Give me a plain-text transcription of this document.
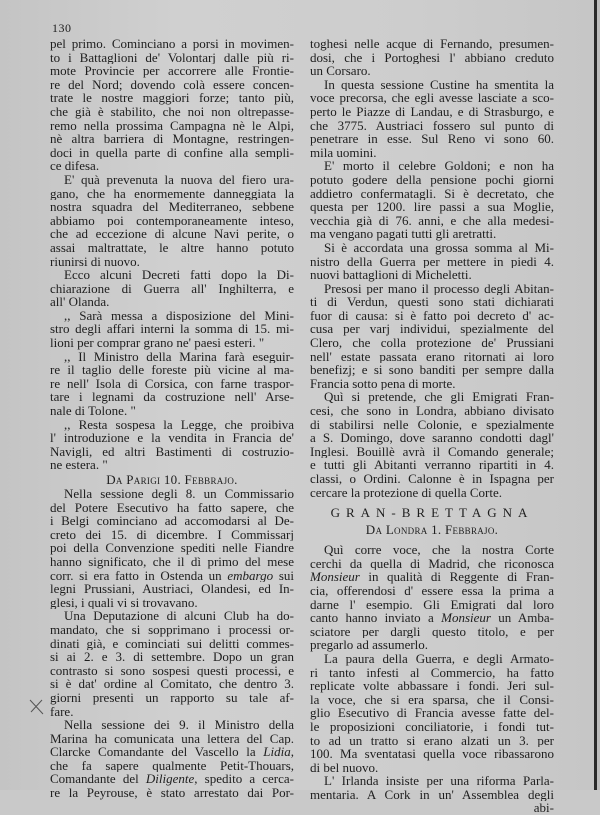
130
pel primo. Cominciano a porsi in movimen-
to i Battaglioni de' Volontarj dalle più ri-
mote Provincie per accorrere alle Frontie-
re del Nord; dovendo colà essere concen-
trate le nostre maggiori forze; tanto più,
che già è stabilito, che noi non oltrepasse-
remo nella prossima Campagna nè le Alpi,
nè altra barriera di Montagne, restringen-
doci in quella parte di confine alla sempli-
ce difesa.
E' quà prevenuta la nuova del fiero ura-
gano, che ha enormemente danneggiata la
nostra squadra del Mediterraneo, sebbene
abbiamo poi contemporaneamente inteso,
che ad eccezione di alcune Navi perite, o
assai maltrattate, le altre hanno potuto
riunirsi di nuovo.
Ecco alcuni Decreti fatti dopo la Di-
chiarazione di Guerra all' Inghilterra, e
all' Olanda.
,, Sarà messa a disposizione del Mini-
stro degli affari interni la somma di 15. mi-
lioni per comprar grano ne' paesi esteri. "
,, Il Ministro della Marina farà eseguir-
re il taglio delle foreste più vicine al ma-
re nell' Isola di Corsica, con farne traspor-
tare i legnami da costruzione nell' Arse-
nale di Tolone. "
,, Resta sospesa la Legge, che proibiva
l' introduzione e la vendita in Francia de'
Navigli, ed altri Bastimenti di costruzio-
ne estera. "
Da Parigi 10. Febbrajo.
Nella sessione degli 8. un Commissario
del Potere Esecutivo ha fatto sapere, che
i Belgi cominciano ad accomodarsi al De-
creto dei 15. di dicembre. I Commissarj
poi della Convenzione spediti nelle Fiandre
hanno significato, che il dì primo del mese
corr. si era fatto in Ostenda un embargo sui
legni Prussiani, Austriaci, Olandesi, ed In-
glesi, i quali vi si trovavano.
Una Deputazione di alcuni Club ha do-
mandato, che si sopprimano i processi or-
dinati già, e cominciati sui delitti commes-
si ai 2. e 3. di settembre. Dopo un gran
contrasto si sono sospesi questi processi, e
si è dat' ordine al Comitato, che dentro 3.
giorni presenti un rapporto su tale af-
fare.
Nella sessione dei 9. il Ministro della
Marina ha comunicata una lettera del Cap.
Clarcke Comandante del Vascello la Lidia,
che fa sapere qualmente Petit-Thouars,
Comandante del Diligente, spedito a cerca-
re la Peyrouse, è stato arrestato dai Por-
toghesi nelle acque di Fernando, presumen-
dosi, che i Portoghesi l' abbiano creduto
un Corsaro.
In questa sessione Custine ha smentita la
voce precorsa, che egli avesse lasciate a sco-
perto le Piazze di Landau, e di Strasburgo, e
che 3775. Austriaci fossero sul punto di
penetrare in esse. Sul Reno vi sono 60.
mila uomini.
E' morto il celebre Goldoni; e non ha
potuto godere della pensione pochi giorni
addietro confermatagli. Si è decretato, che
questa per 1200. lire passi a sua Moglie,
vecchia già di 76. anni, e che alla medesi-
ma vengano pagati tutti gli aretratti.
Si è accordata una grossa somma al Mi-
nistro della Guerra per mettere in piedi 4.
nuovi battaglioni di Micheletti.
Presosi per mano il processo degli Abitan-
ti di Verdun, questi sono stati dichiarati
fuor di causa: si è fatto poi decreto d' ac-
cusa per varj individui, spezialmente del
Clero, che colla protezione de' Prussiani
nell' estate passata erano ritornati ai loro
benefizj; e si sono banditi per sempre dalla
Francia sotto pena di morte.
Quì si pretende, che gli Emigrati Fran-
cesi, che sono in Londra, abbiano divisato
di stabilirsi nelle Colonie, e spezialmente
a S. Domingo, dove saranno condotti dagl'
Inglesi. Bouillè avrà il Comando generale;
e tutti gli Abitanti verranno ripartiti in 4.
classi, o Ordini. Calonne è in Ispagna per
cercare la protezione di quella Corte.
GRAN-BRETTAGNA
Da Londra 1. Febbrajo.
Quì corre voce, che la nostra Corte
cerchi da quella di Madrid, che riconosca
Monsieur in qualità di Reggente di Fran-
cia, offerendosi d' essere essa la prima a
darne l' esempio. Gli Emigrati dal loro
canto hanno inviato a Monsieur un Amba-
sciatore per dargli questo titolo, e per
pregarlo ad assumerlo.
La paura della Guerra, e degli Armato-
ri tanto infesti al Commercio, ha fatto
replicate volte abbassare i fondi. Jeri sul-
la voce, che si era sparsa, che il Consi-
glio Esecutivo di Francia avesse fatte del-
le proposizioni conciliatorie, i fondi tut-
to ad un tratto si erano alzati un 3. per
100. Ma sventatasi quella voce ribassarono
di bel nuovo.
L' Irlanda insiste per una riforma Parla-
mentaria. A Cork in un' Assemblea degli
abi-
